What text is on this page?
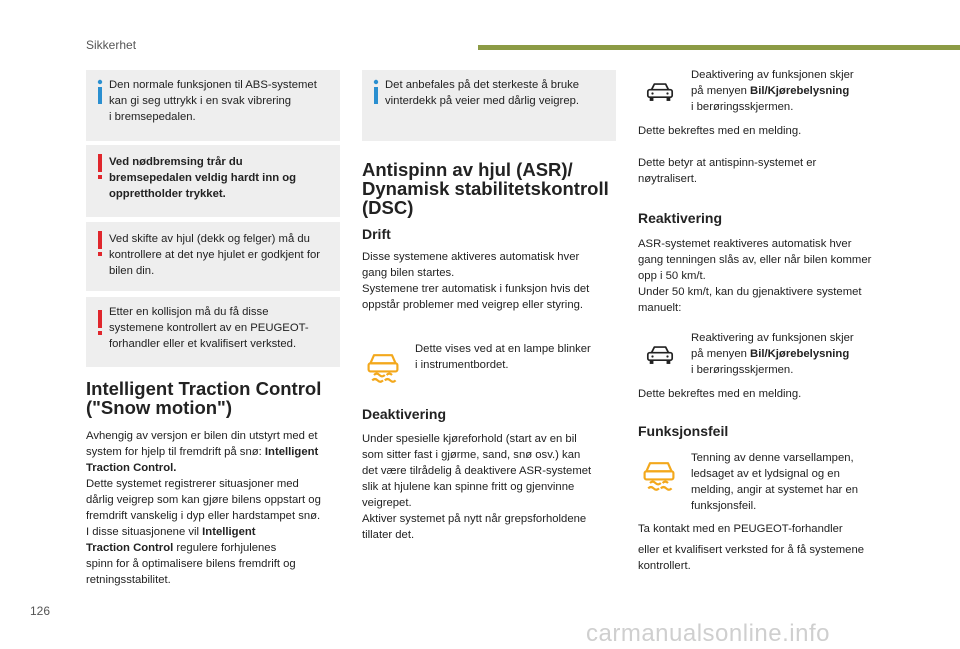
Sikkerhet
Den normale funksjonen til ABS-systemet
kan gi seg uttrykk i en svak vibrering
i bremsepedalen.
Ved nødbremsing trår du
bremsepedalen veldig hardt inn og
opprettholder trykket.
Ved skifte av hjul (dekk og felger) må du
kontrollere at det nye hjulet er godkjent for
bilen din.
Etter en kollisjon må du få disse
systemene kontrollert av en PEUGEOT-
forhandler eller et kvalifisert verksted.
Intelligent Traction Control
("Snow motion")
Avhengig av versjon er bilen din utstyrt med et
system for hjelp til fremdrift på snø: Intelligent
Traction Control.
Dette systemet registrerer situasjoner med
dårlig veigrep som kan gjøre bilens oppstart og
fremdrift vanskelig i dyp eller hardstampet snø.
I disse situasjonene vil Intelligent
Traction Control regulere forhjulenes
spinn for å optimalisere bilens fremdrift og
retningsstabilitet.
Det anbefales på det sterkeste å bruke
vinterdekk på veier med dårlig veigrep.
Antispinn av hjul (ASR)/
Dynamisk stabilitetskontroll
(DSC)
Drift
Disse systemene aktiveres automatisk hver
gang bilen startes.
Systemene trer automatisk i funksjon hvis det
oppstår problemer med veigrep eller styring.
Dette vises ved at en lampe blinker
i instrumentbordet.
Deaktivering
Under spesielle kjøreforhold (start av en bil
som sitter fast i gjørme, sand, snø osv.) kan
det være tilrådelig å deaktivere ASR-systemet
slik at hjulene kan spinne fritt og gjenvinne
veigrepet.
Aktiver systemet på nytt når grepsforholdene
tillater det.
Deaktivering av funksjonen skjer
på menyen Bil/Kjørebelysning
i berøringsskjermen.
Dette bekreftes med en melding.
Dette betyr at antispinn-systemet er
nøytralisert.
Reaktivering
ASR-systemet reaktiveres automatisk hver
gang tenningen slås av, eller når bilen kommer
opp i 50 km/t.
Under 50 km/t, kan du gjenaktivere systemet
manuelt:
Reaktivering av funksjonen skjer
på menyen Bil/Kjørebelysning
i berøringsskjermen.
Dette bekreftes med en melding.
Funksjonsfeil
Tenning av denne varsellampen,
ledsaget av et lydsignal og en
melding, angir at systemet har en
funksjonsfeil.
Ta kontakt med en PEUGEOT-forhandler
eller et kvalifisert verksted for å få systemene
kontrollert.
126
carmanualsonline.info
